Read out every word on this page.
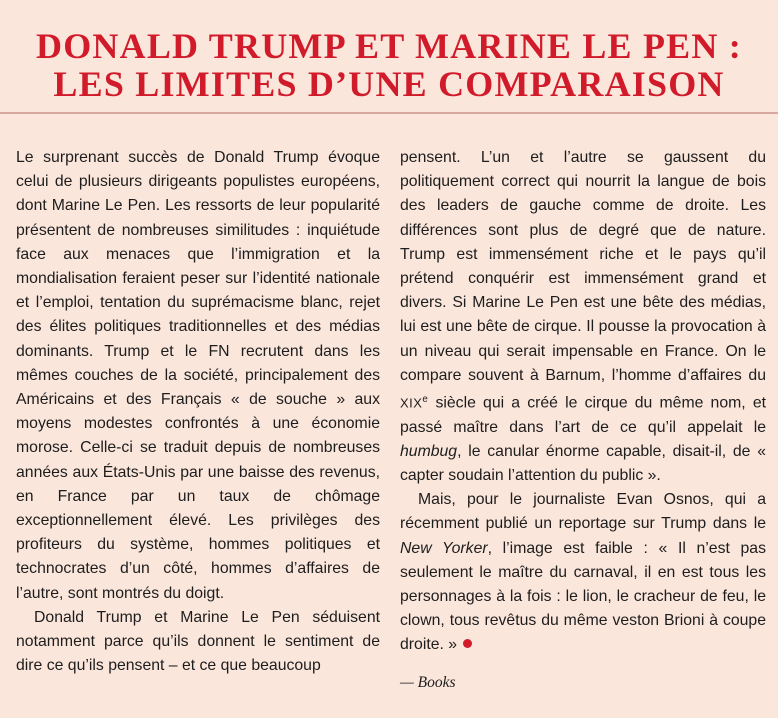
DONALD TRUMP ET MARINE LE PEN :
LES LIMITES D’UNE COMPARAISON

Le surprenant succès de Donald Trump évoque celui de plusieurs dirigeants populistes européens, dont Marine Le Pen. Les ressorts de leur popularité présentent de nombreuses similitudes : inquiétude face aux menaces que l’immigration et la mondialisation feraient peser sur l’identité nationale et l’emploi, tentation du suprémacisme blanc, rejet des élites politiques traditionnelles et des médias dominants. Trump et le FN recrutent dans les mêmes couches de la société, principalement des Américains et des Français « de souche » aux moyens modestes confrontés à une économie morose. Celle-ci se traduit depuis de nombreuses années aux États-Unis par une baisse des revenus, en France par un taux de chômage exceptionnellement élevé. Les privilèges des profiteurs du système, hommes politiques et technocrates d’un côté, hommes d’affaires de l’autre, sont montrés du doigt.

Donald Trump et Marine Le Pen séduisent notamment parce qu’ils donnent le sentiment de dire ce qu’ils pensent – et ce que beaucoup

pensent. L’un et l’autre se gaussent du politiquement correct qui nourrit la langue de bois des leaders de gauche comme de droite. Les différences sont plus de degré que de nature. Trump est immensément riche et le pays qu’il prétend conquérir est immensément grand et divers. Si Marine Le Pen est une bête des médias, lui est une bête de cirque. Il pousse la provocation à un niveau qui serait impensable en France. On le compare souvent à Barnum, l’homme d’affaires du XIXe siècle qui a créé le cirque du même nom, et passé maître dans l’art de ce qu’il appelait le humbug, le canular énorme capable, disait-il, de « capter soudain l’attention du public ».

Mais, pour le journaliste Evan Osnos, qui a récemment publié un reportage sur Trump dans le New Yorker, l’image est faible : « Il n’est pas seulement le maître du carnaval, il en est tous les personnages à la fois : le lion, le cracheur de feu, le clown, tous revêtus du même veston Brioni à coupe droite. »

— Books
